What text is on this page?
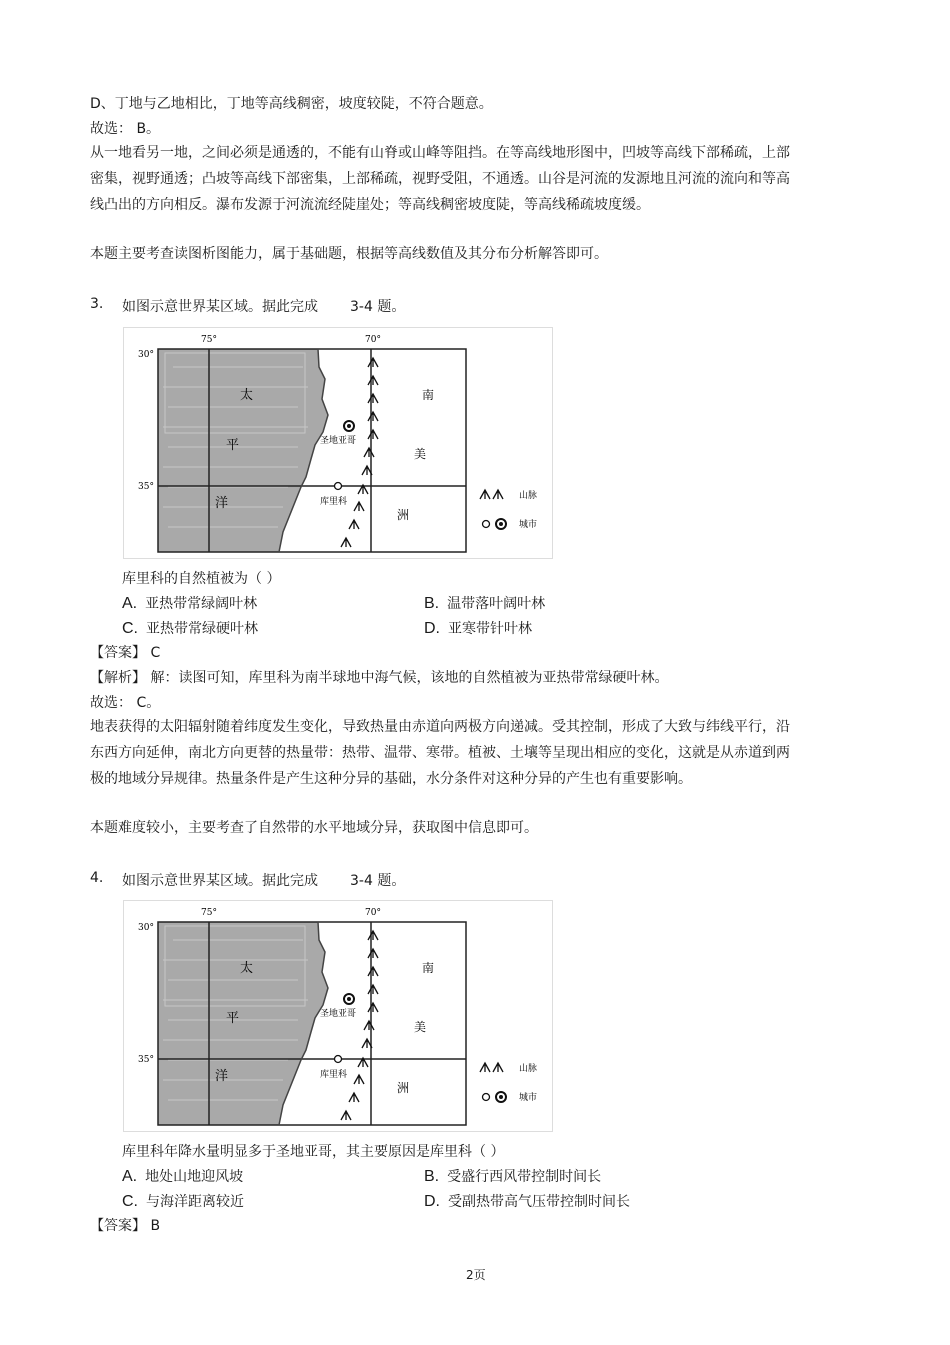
D、丁地与乙地相比，丁地等高线稠密，坡度较陡，不符合题意。
故选： B。

从一地看另一地，之间必须是通透的，不能有山脊或山峰等阻挡。在等高线地形图中，凹坡等高线下部稀疏，上部密集，视野通透；凸坡等高线下部密集，上部稀疏，视野受阻，不通透。山谷是河流的发源地且河流的流向和等高线凸出的方向相反。瀑布发源于河流流经陡崖处；等高线稠密坡度陡，等高线稀疏坡度缓。

本题主要考查读图析图能力，属于基础题，根据等高线数值及其分布分析解答即可。
3. 如图示意世界某区域。据此完成 3-4 题。
30°
35°
75°	70°
太
平
洋
南
美
洲
圣地亚哥
库里科
山脉
城市
库里科的自然植被为（ ）
A. 亚热带常绿阔叶林	B. 温带落叶阔叶林
C. 亚热带常绿硬叶林	D. 亚寒带针叶林
【答案】 C
【解析】 解：读图可知，库里科为南半球地中海气候，该地的自然植被为亚热带常绿硬叶林。
故选： C。

地表获得的太阳辐射随着纬度发生变化，导致热量由赤道向两极方向递减。受其控制，形成了大致与纬线平行，沿东西方向延伸，南北方向更替的热量带：热带、温带、寒带。植被、土壤等呈现出相应的变化，这就是从赤道到两极的地域分异规律。热量条件是产生这种分异的基础，水分条件对这种分异的产生也有重要影响。

本题难度较小，主要考查了自然带的水平地域分异，获取图中信息即可。
4. 如图示意世界某区域。据此完成 3-4 题。
30°
35°
75°	70°
太
平
洋
南
美
洲
圣地亚哥
库里科
山脉
城市
库里科年降水量明显多于圣地亚哥，其主要原因是库里科（ ）
A. 地处山地迎风坡	B. 受盛行西风带控制时间长
C. 与海洋距离较近	D. 受副热带高气压带控制时间长
【答案】 B
2页
